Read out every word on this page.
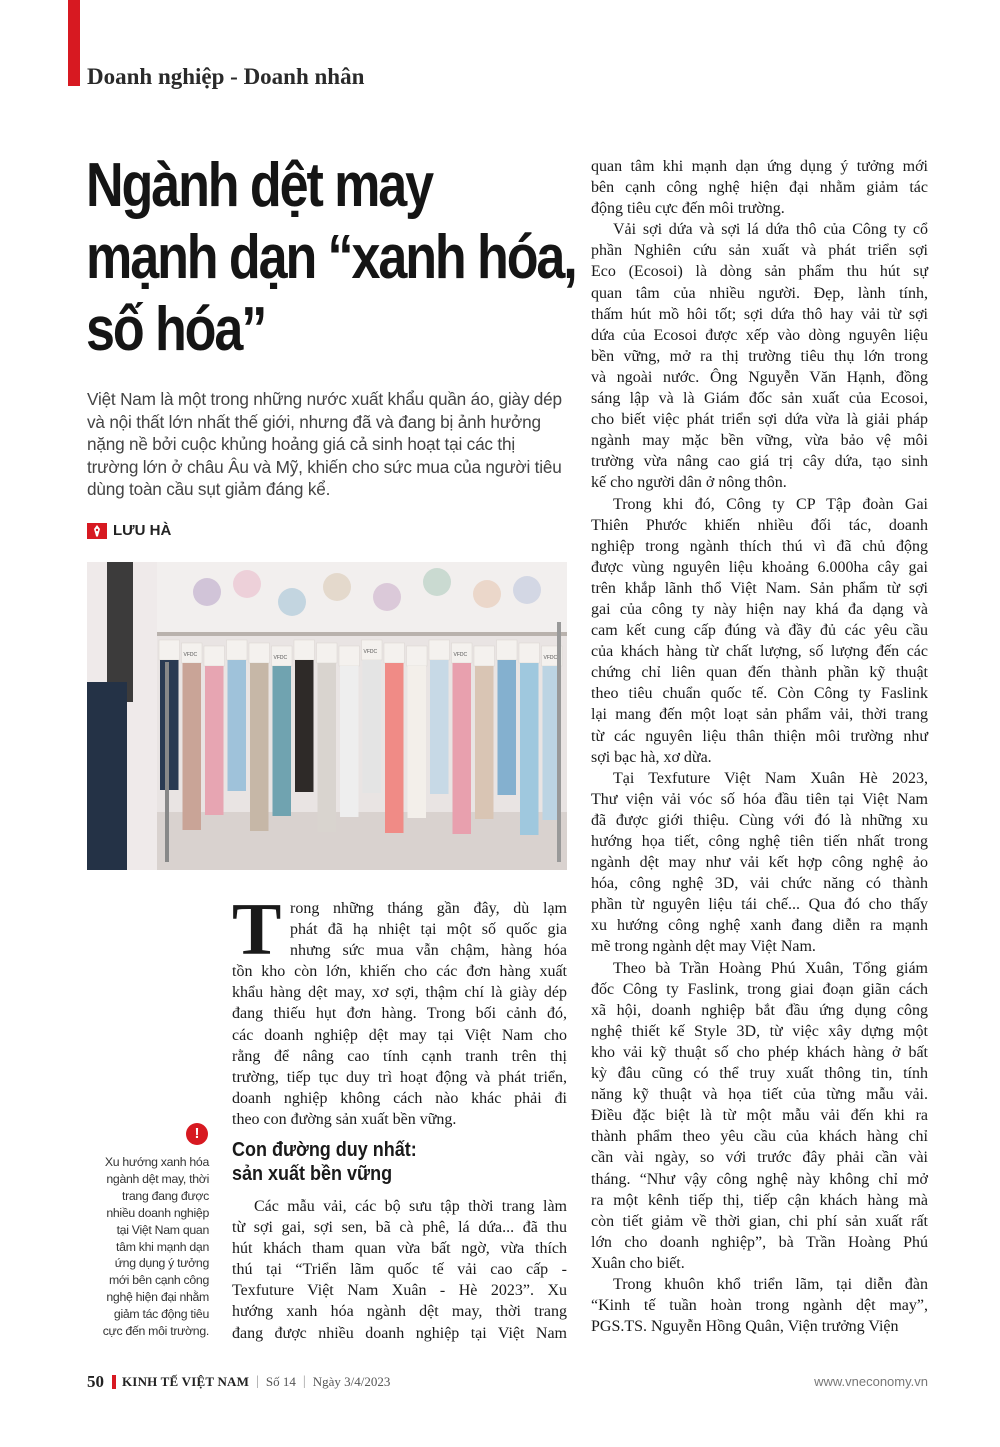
Doanh nghiệp - Doanh nhân
Ngành dệt may
mạnh dạn “xanh hóa,
số hóa”
Việt Nam là một trong những nước xuất khẩu quần áo, giày dép
và nội thất lớn nhất thế giới, nhưng đã và đang bị ảnh hưởng
nặng nề bởi cuộc khủng hoảng giá cả sinh hoạt tại các thị
trường lớn ở châu Âu và Mỹ, khiến cho sức mua của người tiêu
dùng toàn cầu sụt giảm đáng kể.
LƯU HÀ
VFDC	VFDC
VFDC	VFDC	VFDC
T rong những tháng gần đây, dù lạm
phát đã hạ nhiệt tại một số quốc gia
nhưng sức mua vẫn chậm, hàng hóa
tồn kho còn lớn, khiến cho các đơn hàng xuất
khẩu hàng dệt may, xơ sợi, thậm chí là giày dép
đang thiếu hụt đơn hàng. Trong bối cảnh đó,
các doanh nghiệp dệt may tại Việt Nam cho
rằng để nâng cao tính cạnh tranh trên thị
trường, tiếp tục duy trì hoạt động và phát triển,
doanh nghiệp không cách nào khác phải đi
theo con đường sản xuất bền vững.
Con đường duy nhất:
sản xuất bền vững
Các mẫu vải, các bộ sưu tập thời trang làm
từ sợi gai, sợi sen, bã cà phê, lá dứa... đã thu
hút khách tham quan vừa bất ngờ, vừa thích
thú tại “Triển lãm quốc tế vải cao cấp -
Texfuture Việt Nam Xuân - Hè 2023”. Xu
hướng xanh hóa ngành dệt may, thời trang
đang được nhiều doanh nghiệp tại Việt Nam
quan tâm khi mạnh dạn ứng dụng ý tưởng mới
bên cạnh công nghệ hiện đại nhằm giảm tác
động tiêu cực đến môi trường.
Vải sợi dứa và sợi lá dứa thô của Công ty cổ
phần Nghiên cứu sản xuất và phát triển sợi
Eco (Ecosoi) là dòng sản phẩm thu hút sự
quan tâm của nhiều người. Đẹp, lành tính,
thấm hút mồ hôi tốt; sợi dứa thô hay vải từ sợi
dứa của Ecosoi được xếp vào dòng nguyên liệu
bền vững, mở ra thị trường tiêu thụ lớn trong
và ngoài nước. Ông Nguyễn Văn Hạnh, đồng
sáng lập và là Giám đốc sản xuất của Ecosoi,
cho biết việc phát triển sợi dứa vừa là giải pháp
ngành may mặc bền vững, vừa bảo vệ môi
trường vừa nâng cao giá trị cây dứa, tạo sinh
kế cho người dân ở nông thôn.
Trong khi đó, Công ty CP Tập đoàn Gai
Thiên Phước khiến nhiều đối tác, doanh
nghiệp trong ngành thích thú vì đã chủ động
được vùng nguyên liệu khoảng 6.000ha cây gai
trên khắp lãnh thổ Việt Nam. Sản phẩm từ sợi
gai của công ty này hiện nay khá đa dạng và
cam kết cung cấp đúng và đầy đủ các yêu cầu
của khách hàng từ chất lượng, số lượng đến các
chứng chỉ liên quan đến thành phần kỹ thuật
theo tiêu chuẩn quốc tế. Còn Công ty Faslink
lại mang đến một loạt sản phẩm vải, thời trang
từ các nguyên liệu thân thiện môi trường như
sợi bạc hà, xơ dừa.
Tại Texfuture Việt Nam Xuân Hè 2023,
Thư viện vải vóc số hóa đầu tiên tại Việt Nam
đã được giới thiệu. Cùng với đó là những xu
hướng họa tiết, công nghệ tiên tiến nhất trong
ngành dệt may như vải kết hợp công nghệ ảo
hóa, công nghệ 3D, vải chức năng có thành
phần từ nguyên liệu tái chế... Qua đó cho thấy
xu hướng công nghệ xanh đang diễn ra mạnh
mẽ trong ngành dệt may Việt Nam.
Theo bà Trần Hoàng Phú Xuân, Tổng giám
đốc Công ty Faslink, trong giai đoạn giãn cách
xã hội, doanh nghiệp bắt đầu ứng dụng công
nghệ thiết kế Style 3D, từ việc xây dựng một
kho vải kỹ thuật số cho phép khách hàng ở bất
kỳ đâu cũng có thể truy xuất thông tin, tính
năng kỹ thuật và họa tiết của từng mẫu vải.
Điều đặc biệt là từ một mẫu vải đến khi ra
thành phẩm theo yêu cầu của khách hàng chỉ
cần vài ngày, so với trước đây phải cần vài
tháng. “Như vậy công nghệ này không chỉ mở
ra một kênh tiếp thị, tiếp cận khách hàng mà
còn tiết giảm về thời gian, chi phí sản xuất rất
lớn cho doanh nghiệp”, bà Trần Hoàng Phú
Xuân cho biết.
Trong khuôn khổ triển lãm, tại diễn đàn
“Kinh tế tuần hoàn trong ngành dệt may”,
PGS.TS. Nguyễn Hồng Quân, Viện trưởng Viện
!
Xu hướng xanh hóa
ngành dệt may, thời
trang đang được
nhiều doanh nghiệp
tại Việt Nam quan
tâm khi mạnh dạn
ứng dụng ý tưởng
mới bên cạnh công
nghệ hiện đại nhằm
giảm tác động tiêu
cực đến môi trường.
50 KINH TẾ VIỆT NAM | Số 14 | Ngày 3/4/2023	www.vneconomy.vn
